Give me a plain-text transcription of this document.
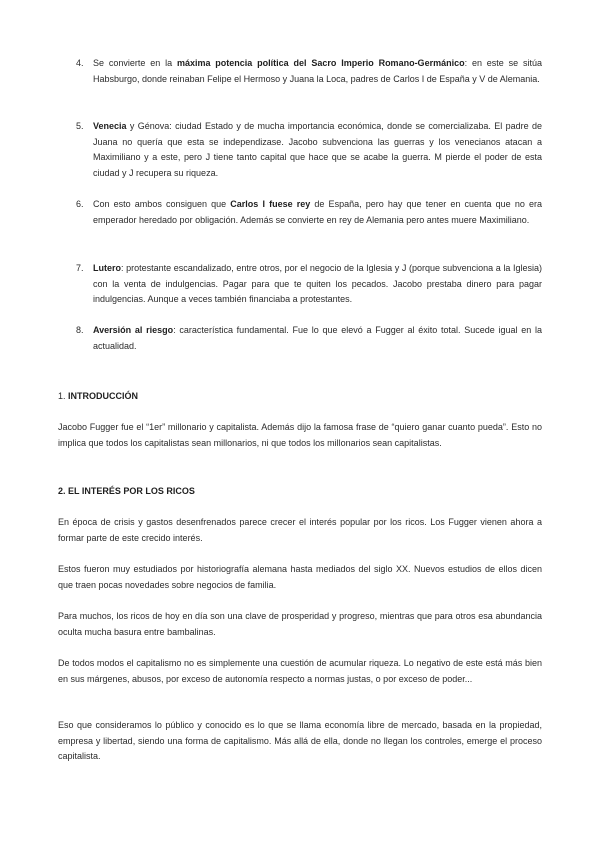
4.	Se convierte en la máxima potencia política del Sacro Imperio Romano-Germánico: en este se sitúa Habsburgo, donde reinaban Felipe el Hermoso y Juana la Loca, padres de Carlos I de España y V de Alemania.
5.	Venecia y Génova: ciudad Estado y de mucha importancia económica, donde se comercializaba. El padre de Juana no quería que esta se independizase. Jacobo subvenciona las guerras y los venecianos atacan a Maximiliano y a este, pero J tiene tanto capital que hace que se acabe la guerra. M pierde el poder de esta ciudad y J recupera su riqueza.
6.	Con esto ambos consiguen que Carlos I fuese rey de España, pero hay que tener en cuenta que no era emperador heredado por obligación. Además se convierte en rey de Alemania pero antes muere Maximiliano.
7.	Lutero: protestante escandalizado, entre otros, por el negocio de la Iglesia y J (porque subvenciona a la Iglesia) con la venta de indulgencias. Pagar para que te quiten los pecados. Jacobo prestaba dinero para pagar indulgencias. Aunque a veces también financiaba a protestantes.
8.	Aversión al riesgo: característica fundamental. Fue lo que elevó a Fugger al éxito total. Sucede igual en la actualidad.
1. INTRODUCCIÓN
Jacobo Fugger fue el “1er” millonario y capitalista. Además dijo la famosa frase de “quiero ganar cuanto pueda”. Esto no implica que todos los capitalistas sean millonarios, ni que todos los millonarios sean capitalistas.
2. EL INTERÉS POR LOS RICOS
En época de crisis y gastos desenfrenados parece crecer el interés popular por los ricos. Los Fugger vienen ahora a formar parte de este crecido interés.
Estos fueron muy estudiados por historiografía alemana hasta mediados del siglo XX. Nuevos estudios de ellos dicen que traen pocas novedades sobre negocios de familia.
Para muchos, los ricos de hoy en día son una clave de prosperidad y progreso, mientras que para otros esa abundancia oculta mucha basura entre bambalinas.
De todos modos el capitalismo no es simplemente una cuestión de acumular riqueza. Lo negativo de este está más bien en sus márgenes, abusos, por exceso de autonomía respecto a normas justas, o por exceso de poder...
Eso que consideramos lo público y conocido es lo que se llama economía libre de mercado, basada en la propiedad, empresa y libertad, siendo una forma de capitalismo. Más allá de ella, donde no llegan los controles, emerge el proceso capitalista.
